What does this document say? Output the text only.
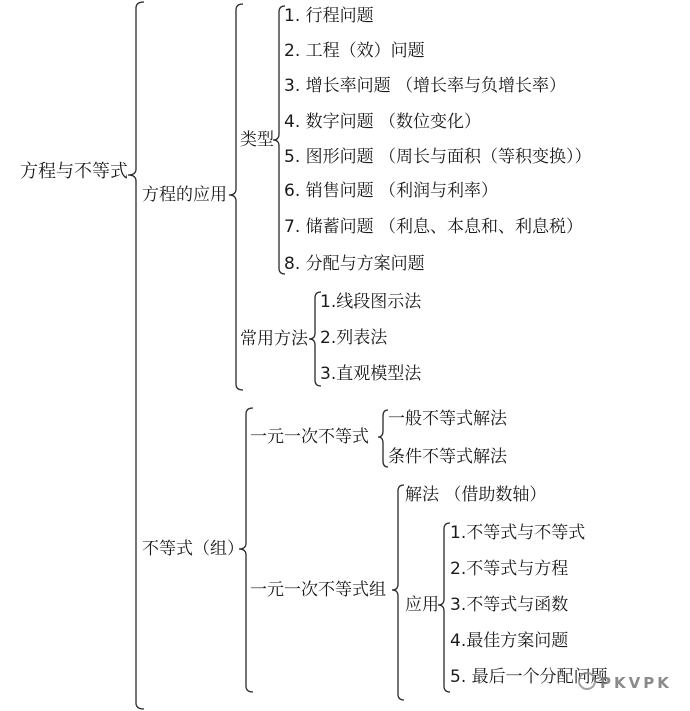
方程与不等式
方程的应用
类型
1. 行程问题
2. 工程（效）问题
3. 增长率问题 （增长率与负增长率）
4. 数字问题 （数位变化）
5. 图形问题 （周长与面积（等积变换））
6. 销售问题 （利润与利率）
7. 储蓄问题 （利息、本息和、利息税）
8. 分配与方案问题
常用方法
1.线段图示法
2.列表法
3.直观模型法
不等式（组）
一元一次不等式
一般不等式解法
条件不等式解法
一元一次不等式组
解法 （借助数轴）
应用
1.不等式与不等式
2.不等式与方程
3.不等式与函数
4.最佳方案问题
5. 最后一个分配问题
PKVPK
